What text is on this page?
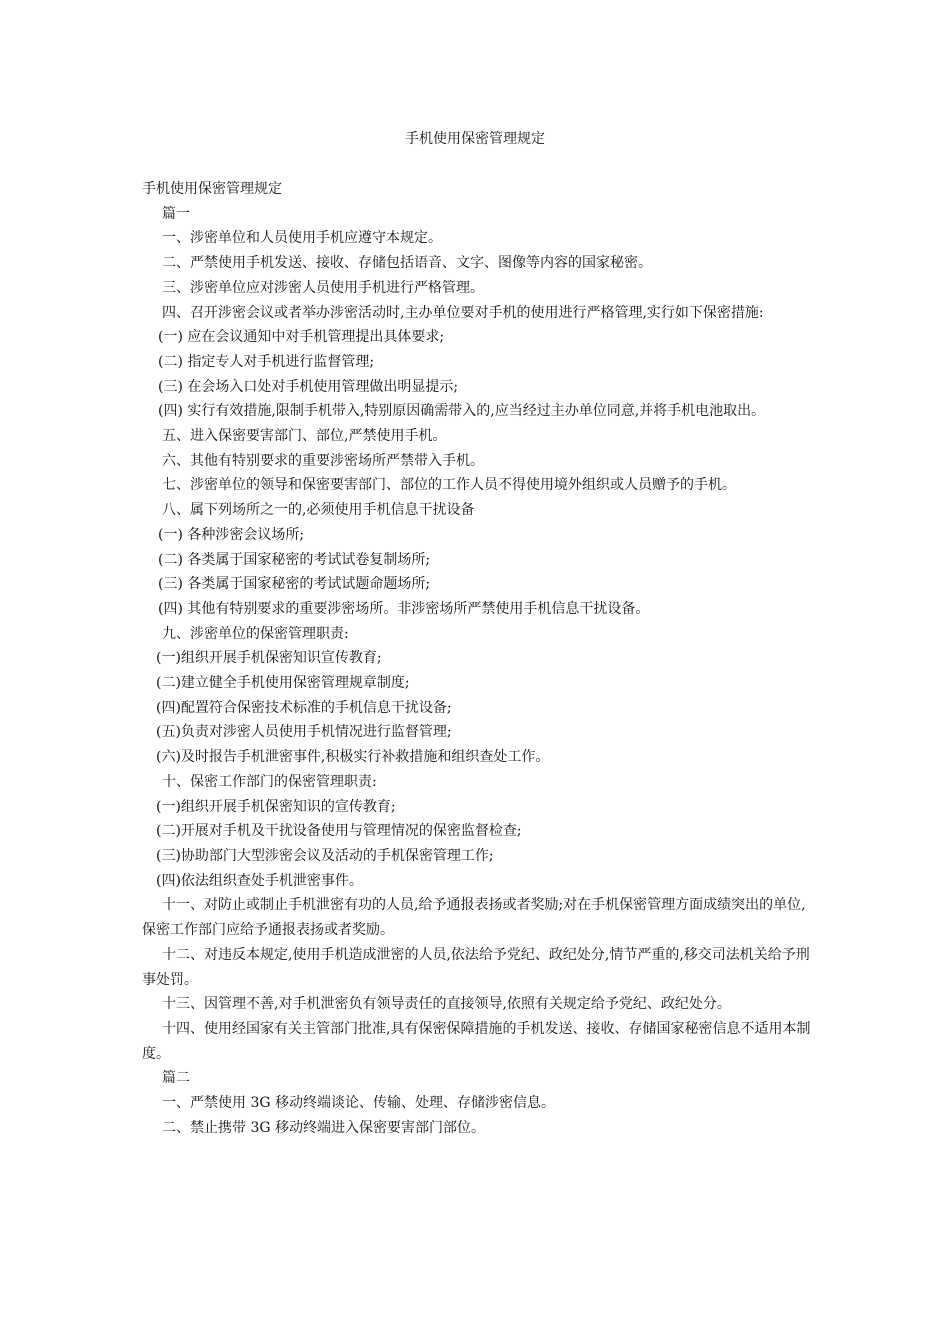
手机使用保密管理规定

手机使用保密管理规定

篇一

一、涉密单位和人员使用手机应遵守本规定。

二、严禁使用手机发送、接收、存储包括语音、文字、图像等内容的国家秘密。

三、涉密单位应对涉密人员使用手机进行严格管理。

四、召开涉密会议或者举办涉密活动时,主办单位要对手机的使用进行严格管理,实行如下保密措施:

(一) 应在会议通知中对手机管理提出具体要求;

(二) 指定专人对手机进行监督管理;

(三) 在会场入口处对手机使用管理做出明显提示;

(四) 实行有效措施,限制手机带入,特别原因确需带入的,应当经过主办单位同意,并将手机电池取出。

五、进入保密要害部门、部位,严禁使用手机。

六、其他有特别要求的重要涉密场所严禁带入手机。

七、涉密单位的领导和保密要害部门、部位的工作人员不得使用境外组织或人员赠予的手机。

八、属下列场所之一的,必须使用手机信息干扰设备

(一) 各种涉密会议场所;

(二) 各类属于国家秘密的考试试卷复制场所;

(三) 各类属于国家秘密的考试试题命题场所;

(四) 其他有特别要求的重要涉密场所。非涉密场所严禁使用手机信息干扰设备。

九、涉密单位的保密管理职责:

(一)组织开展手机保密知识宣传教育;

(二)建立健全手机使用保密管理规章制度;

(四)配置符合保密技术标准的手机信息干扰设备;

(五)负责对涉密人员使用手机情况进行监督管理;

(六)及时报告手机泄密事件,积极实行补救措施和组织查处工作。

十、保密工作部门的保密管理职责:

(一)组织开展手机保密知识的宣传教育;

(二)开展对手机及干扰设备使用与管理情况的保密监督检查;

(三)协助部门大型涉密会议及活动的手机保密管理工作;

(四)依法组织查处手机泄密事件。

十一、对防止或制止手机泄密有功的人员,给予通报表扬或者奖励;对在手机保密管理方面成绩突出的单位,保密工作部门应给予通报表扬或者奖励。

十二、对违反本规定,使用手机造成泄密的人员,依法给予党纪、政纪处分,情节严重的,移交司法机关给予刑事处罚。

十三、因管理不善,对手机泄密负有领导责任的直接领导,依照有关规定给予党纪、政纪处分。

十四、使用经国家有关主管部门批准,具有保密保障措施的手机发送、接收、存储国家秘密信息不适用本制度。

篇二

一、严禁使用 3G 移动终端谈论、传输、处理、存储涉密信息。

二、禁止携带 3G 移动终端进入保密要害部门部位。
